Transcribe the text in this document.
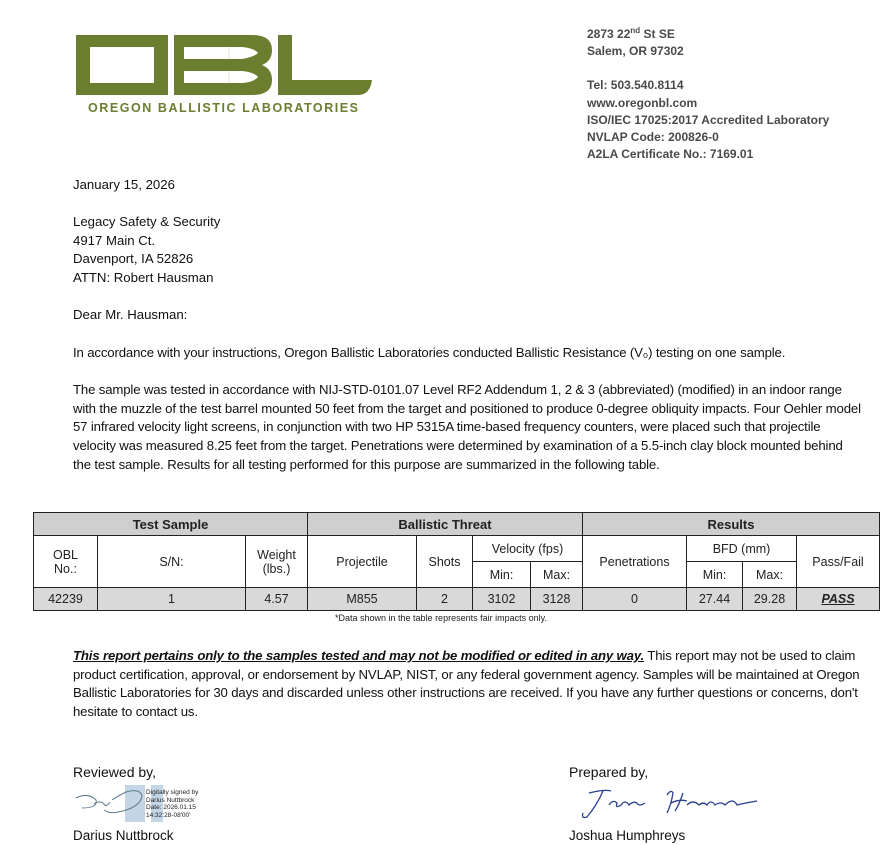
OREGON BALLISTIC LABORATORIES
2873 22nd St SE
Salem, OR 97302
Tel: 503.540.8114
www.oregonbl.com
ISO/IEC 17025:2017 Accredited Laboratory
NVLAP Code: 200826-0
A2LA Certificate No.: 7169.01
January 15, 2026
Legacy Safety & Security
4917 Main Ct.
Davenport, IA 52826
ATTN: Robert Hausman
Dear Mr. Hausman:
In accordance with your instructions, Oregon Ballistic Laboratories conducted Ballistic Resistance (V₀) testing on one sample.
The sample was tested in accordance with NIJ-STD-0101.07 Level RF2 Addendum 1, 2 & 3 (abbreviated) (modified) in an indoor range with the muzzle of the test barrel mounted 50 feet from the target and positioned to produce 0-degree obliquity impacts. Four Oehler model 57 infrared velocity light screens, in conjunction with two HP 5315A time-based frequency counters, were placed such that projectile velocity was measured 8.25 feet from the target. Penetrations were determined by examination of a 5.5-inch clay block mounted behind the test sample. Results for all testing performed for this purpose are summarized in the following table.
Test Sample			Ballistic Threat				Results			
OBL No.:	S/N:	Weight (lbs.)	Projectile	Shots	Velocity (fps)		Penetrations	BFD (mm)		Pass/Fail
					Min:	Max:		Min:	Max:	
42239	1	4.57	M855	2	3102	3128	0	27.44	29.28	PASS
*Data shown in the table represents fair impacts only.
This report pertains only to the samples tested and may not be modified or edited in any way. This report may not be used to claim product certification, approval, or endorsement by NVLAP, NIST, or any federal government agency. Samples will be maintained at Oregon Ballistic Laboratories for 30 days and discarded unless other instructions are received. If you have any further questions or concerns, don't hesitate to contact us.
Reviewed by,
Digitally signed by
Darius Nuttbrock
Date: 2026.01.15
14:32:28-08'00'
Darius Nuttbrock
Prepared by,
Joshua Humphreys
